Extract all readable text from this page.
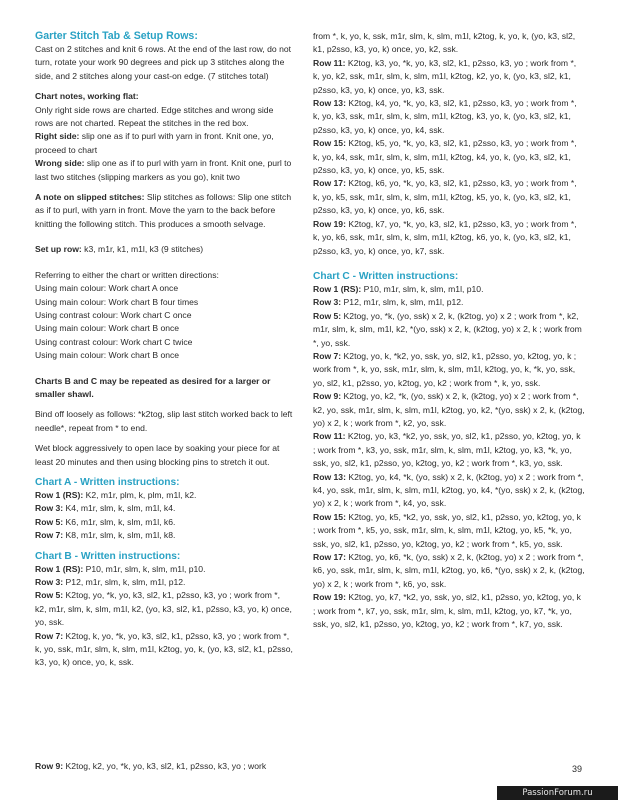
Garter Stitch Tab & Setup Rows:

Cast on 2 stitches and knit 6 rows. At the end of the last row, do not turn, rotate your work 90 degrees and pick up 3 stitches along the side, and 2 stitches along your cast-on edge. (7 stitches total)

Chart notes, working flat:

Only right side rows are charted. Edge stitches and wrong side rows are not charted. Repeat the stitches in the red box.

Right side: slip one as if to purl with yarn in front. Knit one, yo, proceed to chart

Wrong side: slip one as if to purl with yarn in front. Knit one, purl to last two stitches (slipping markers as you go), knit two

A note on slipped stitches: Slip stitches as follows: Slip one stitch as if to purl, with yarn in front. Move the yarn to the back before knitting the following stitch. This produces a smooth selvage.

Set up row: k3, m1r, k1, m1l, k3 (9 stitches)

Referring to either the chart or written directions:

Using main colour: Work chart A once

Using main colour: Work chart B four times

Using contrast colour: Work chart C once

Using main colour: Work chart B once

Using contrast colour: Work chart C twice

Using main colour: Work chart B once

Charts B and C may be repeated as desired for a larger or smaller shawl.

Bind off loosely as follows: *k2tog, slip last stitch worked back to left needle*, repeat from * to end.

Wet block aggressively to open lace by soaking your piece for at least 20 minutes and then using blocking pins to stretch it out.

Chart A - Written instructions:

Row 1 (RS): K2, m1r, plm, k, plm, m1l, k2.

Row 3: K4, m1r, slm, k, slm, m1l, k4.

Row 5: K6, m1r, slm, k, slm, m1l, k6.

Row 7: K8, m1r, slm, k, slm, m1l, k8.

Chart B - Written instructions:

Row 1 (RS): P10, m1r, slm, k, slm, m1l, p10.

Row 3: P12, m1r, slm, k, slm, m1l, p12.

Row 5: K2tog, yo, *k, yo, k3, sl2, k1, p2sso, k3, yo ; work from *, k2, m1r, slm, k, slm, m1l, k2, (yo, k3, sl2, k1, p2sso, k3, yo, k) once, yo, ssk.

Row 7: K2tog, k, yo, *k, yo, k3, sl2, k1, p2sso, k3, yo ; work from *, k, yo, ssk, m1r, slm, k, slm, m1l, k2tog, yo, k, (yo, k3, sl2, k1, p2sso, k3, yo, k) once, yo, k, ssk.

Row 9: K2tog, k2, yo, *k, yo, k3, sl2, k1, p2sso, k3, yo ; work

from *, k, yo, k, ssk, m1r, slm, k, slm, m1l, k2tog, k, yo, k, (yo, k3, sl2, k1, p2sso, k3, yo, k) once, yo, k2, ssk.

Row 11: K2tog, k3, yo, *k, yo, k3, sl2, k1, p2sso, k3, yo ; work from *, k, yo, k2, ssk, m1r, slm, k, slm, m1l, k2tog, k2, yo, k, (yo, k3, sl2, k1, p2sso, k3, yo, k) once, yo, k3, ssk.

Row 13: K2tog, k4, yo, *k, yo, k3, sl2, k1, p2sso, k3, yo ; work from *, k, yo, k3, ssk, m1r, slm, k, slm, m1l, k2tog, k3, yo, k, (yo, k3, sl2, k1, p2sso, k3, yo, k) once, yo, k4, ssk.

Row 15: K2tog, k5, yo, *k, yo, k3, sl2, k1, p2sso, k3, yo ; work from *, k, yo, k4, ssk, m1r, slm, k, slm, m1l, k2tog, k4, yo, k, (yo, k3, sl2, k1, p2sso, k3, yo, k) once, yo, k5, ssk.

Row 17: K2tog, k6, yo, *k, yo, k3, sl2, k1, p2sso, k3, yo ; work from *, k, yo, k5, ssk, m1r, slm, k, slm, m1l, k2tog, k5, yo, k, (yo, k3, sl2, k1, p2sso, k3, yo, k) once, yo, k6, ssk.

Row 19: K2tog, k7, yo, *k, yo, k3, sl2, k1, p2sso, k3, yo ; work from *, k, yo, k6, ssk, m1r, slm, k, slm, m1l, k2tog, k6, yo, k, (yo, k3, sl2, k1, p2sso, k3, yo, k) once, yo, k7, ssk.

Chart C - Written instructions:

Row 1 (RS): P10, m1r, slm, k, slm, m1l, p10.

Row 3: P12, m1r, slm, k, slm, m1l, p12.

Row 5: K2tog, yo, *k, (yo, ssk) x 2, k, (k2tog, yo) x 2 ; work from *, k2, m1r, slm, k, slm, m1l, k2, *(yo, ssk) x 2, k, (k2tog, yo) x 2, k ; work from *, yo, ssk.

Row 7: K2tog, yo, k, *k2, yo, ssk, yo, sl2, k1, p2sso, yo, k2tog, yo, k ; work from *, k, yo, ssk, m1r, slm, k, slm, m1l, k2tog, yo, k, *k, yo, ssk, yo, sl2, k1, p2sso, yo, k2tog, yo, k2 ; work from *, k, yo, ssk.

Row 9: K2tog, yo, k2, *k, (yo, ssk) x 2, k, (k2tog, yo) x 2 ; work from *, k2, yo, ssk, m1r, slm, k, slm, m1l, k2tog, yo, k2, *(yo, ssk) x 2, k, (k2tog, yo) x 2, k ; work from *, k2, yo, ssk.

Row 11: K2tog, yo, k3, *k2, yo, ssk, yo, sl2, k1, p2sso, yo, k2tog, yo, k ; work from *, k3, yo, ssk, m1r, slm, k, slm, m1l, k2tog, yo, k3, *k, yo, ssk, yo, sl2, k1, p2sso, yo, k2tog, yo, k2 ; work from *, k3, yo, ssk.

Row 13: K2tog, yo, k4, *k, (yo, ssk) x 2, k, (k2tog, yo) x 2 ; work from *, k4, yo, ssk, m1r, slm, k, slm, m1l, k2tog, yo, k4, *(yo, ssk) x 2, k, (k2tog, yo) x 2, k ; work from *, k4, yo, ssk.

Row 15: K2tog, yo, k5, *k2, yo, ssk, yo, sl2, k1, p2sso, yo, k2tog, yo, k ; work from *, k5, yo, ssk, m1r, slm, k, slm, m1l, k2tog, yo, k5, *k, yo, ssk, yo, sl2, k1, p2sso, yo, k2tog, yo, k2 ; work from *, k5, yo, ssk.

Row 17: K2tog, yo, k6, *k, (yo, ssk) x 2, k, (k2tog, yo) x 2 ; work from *, k6, yo, ssk, m1r, slm, k, slm, m1l, k2tog, yo, k6, *(yo, ssk) x 2, k, (k2tog, yo) x 2, k ; work from *, k6, yo, ssk.

Row 19: K2tog, yo, k7, *k2, yo, ssk, yo, sl2, k1, p2sso, yo, k2tog, yo, k ; work from *, k7, yo, ssk, m1r, slm, k, slm, m1l, k2tog, yo, k7, *k, yo, ssk, yo, sl2, k1, p2sso, yo, k2tog, yo, k2 ; work from *, k7, yo, ssk.

39
PassionForum.ru
